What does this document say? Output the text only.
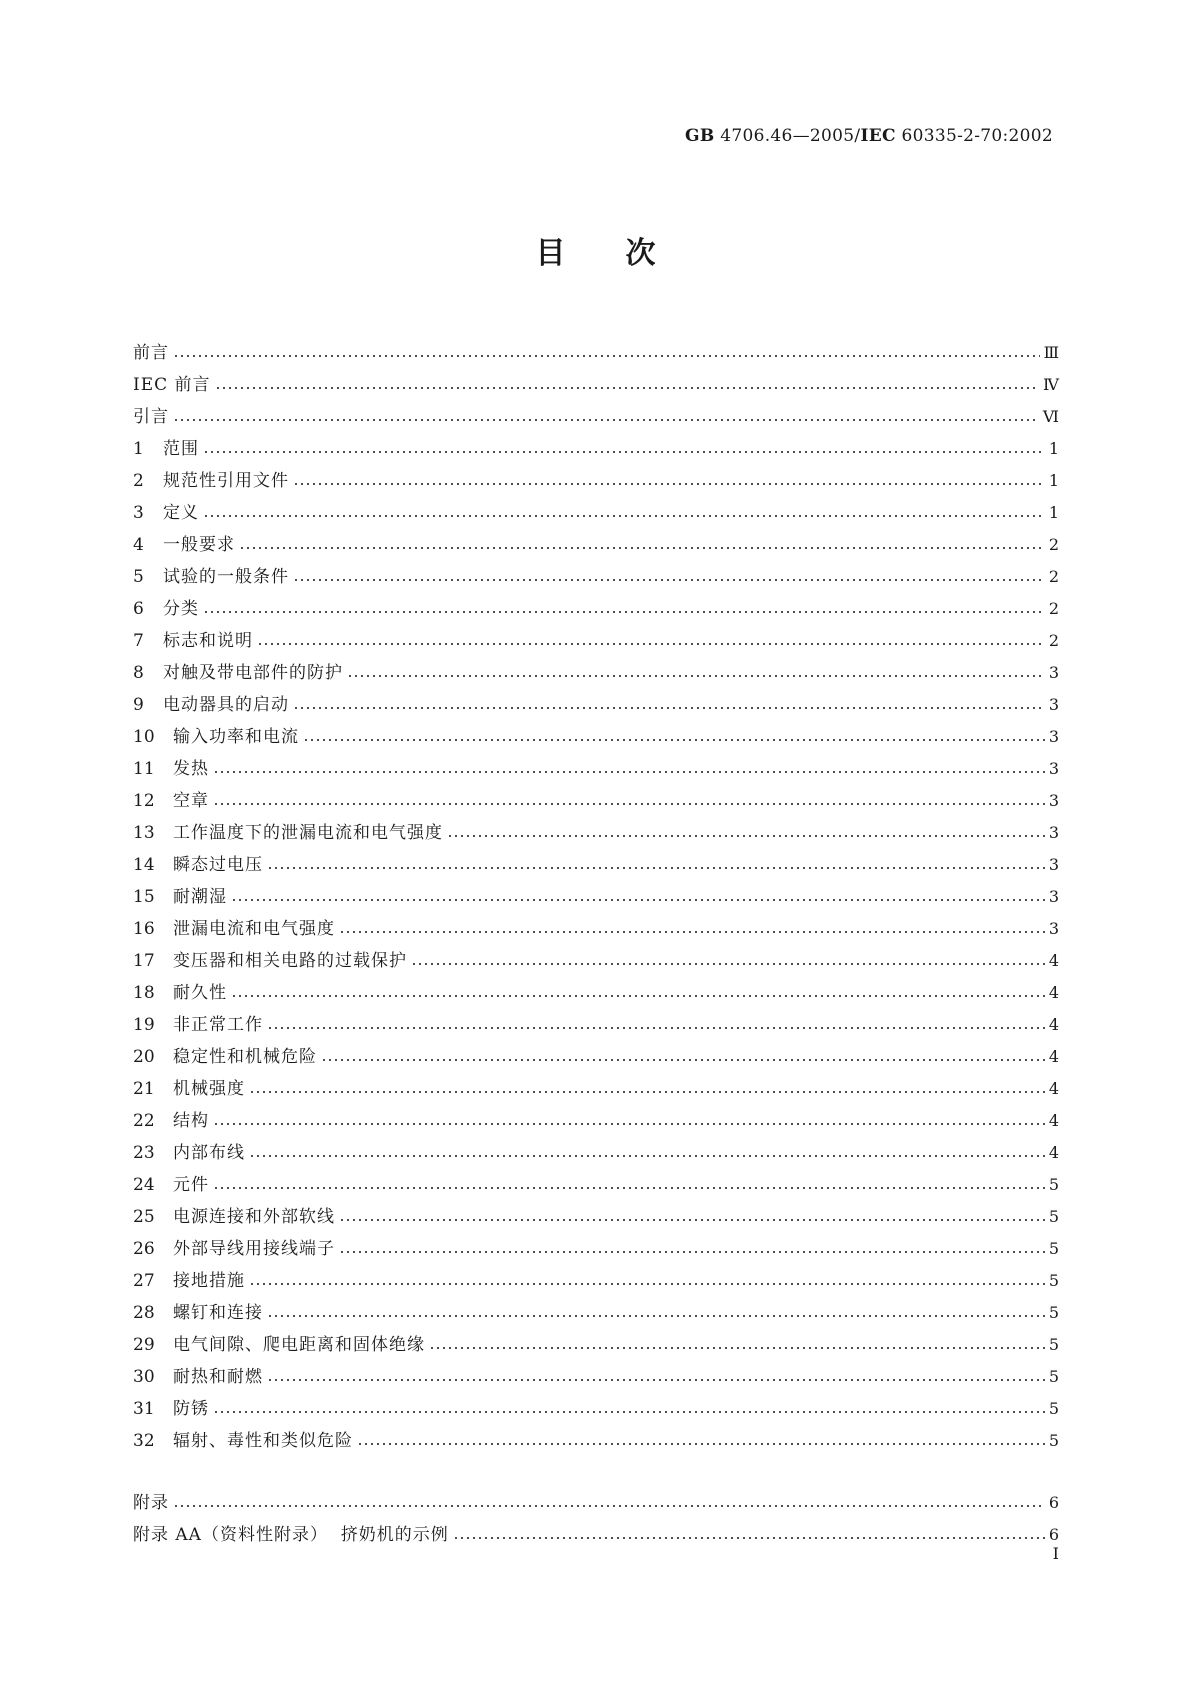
GB 4706.46—2005/IEC 60335-2-70:2002
目次
前言	Ⅲ
IEC 前言	Ⅳ
引言	Ⅵ
1	范围	1
2	规范性引用文件	1
3	定义	1
4	一般要求	2
5	试验的一般条件	2
6	分类	2
7	标志和说明	2
8	对触及带电部件的防护	3
9	电动器具的启动	3
10	输入功率和电流	3
11	发热	3
12	空章	3
13	工作温度下的泄漏电流和电气强度	3
14	瞬态过电压	3
15	耐潮湿	3
16	泄漏电流和电气强度	3
17	变压器和相关电路的过载保护	4
18	耐久性	4
19	非正常工作	4
20	稳定性和机械危险	4
21	机械强度	4
22	结构	4
23	内部布线	4
24	元件	5
25	电源连接和外部软线	5
26	外部导线用接线端子	5
27	接地措施	5
28	螺钉和连接	5
29	电气间隙、爬电距离和固体绝缘	5
30	耐热和耐燃	5
31	防锈	5
32	辐射、毒性和类似危险	5
附录	6
附录 AA（资料性附录）  挤奶机的示例	6
I
